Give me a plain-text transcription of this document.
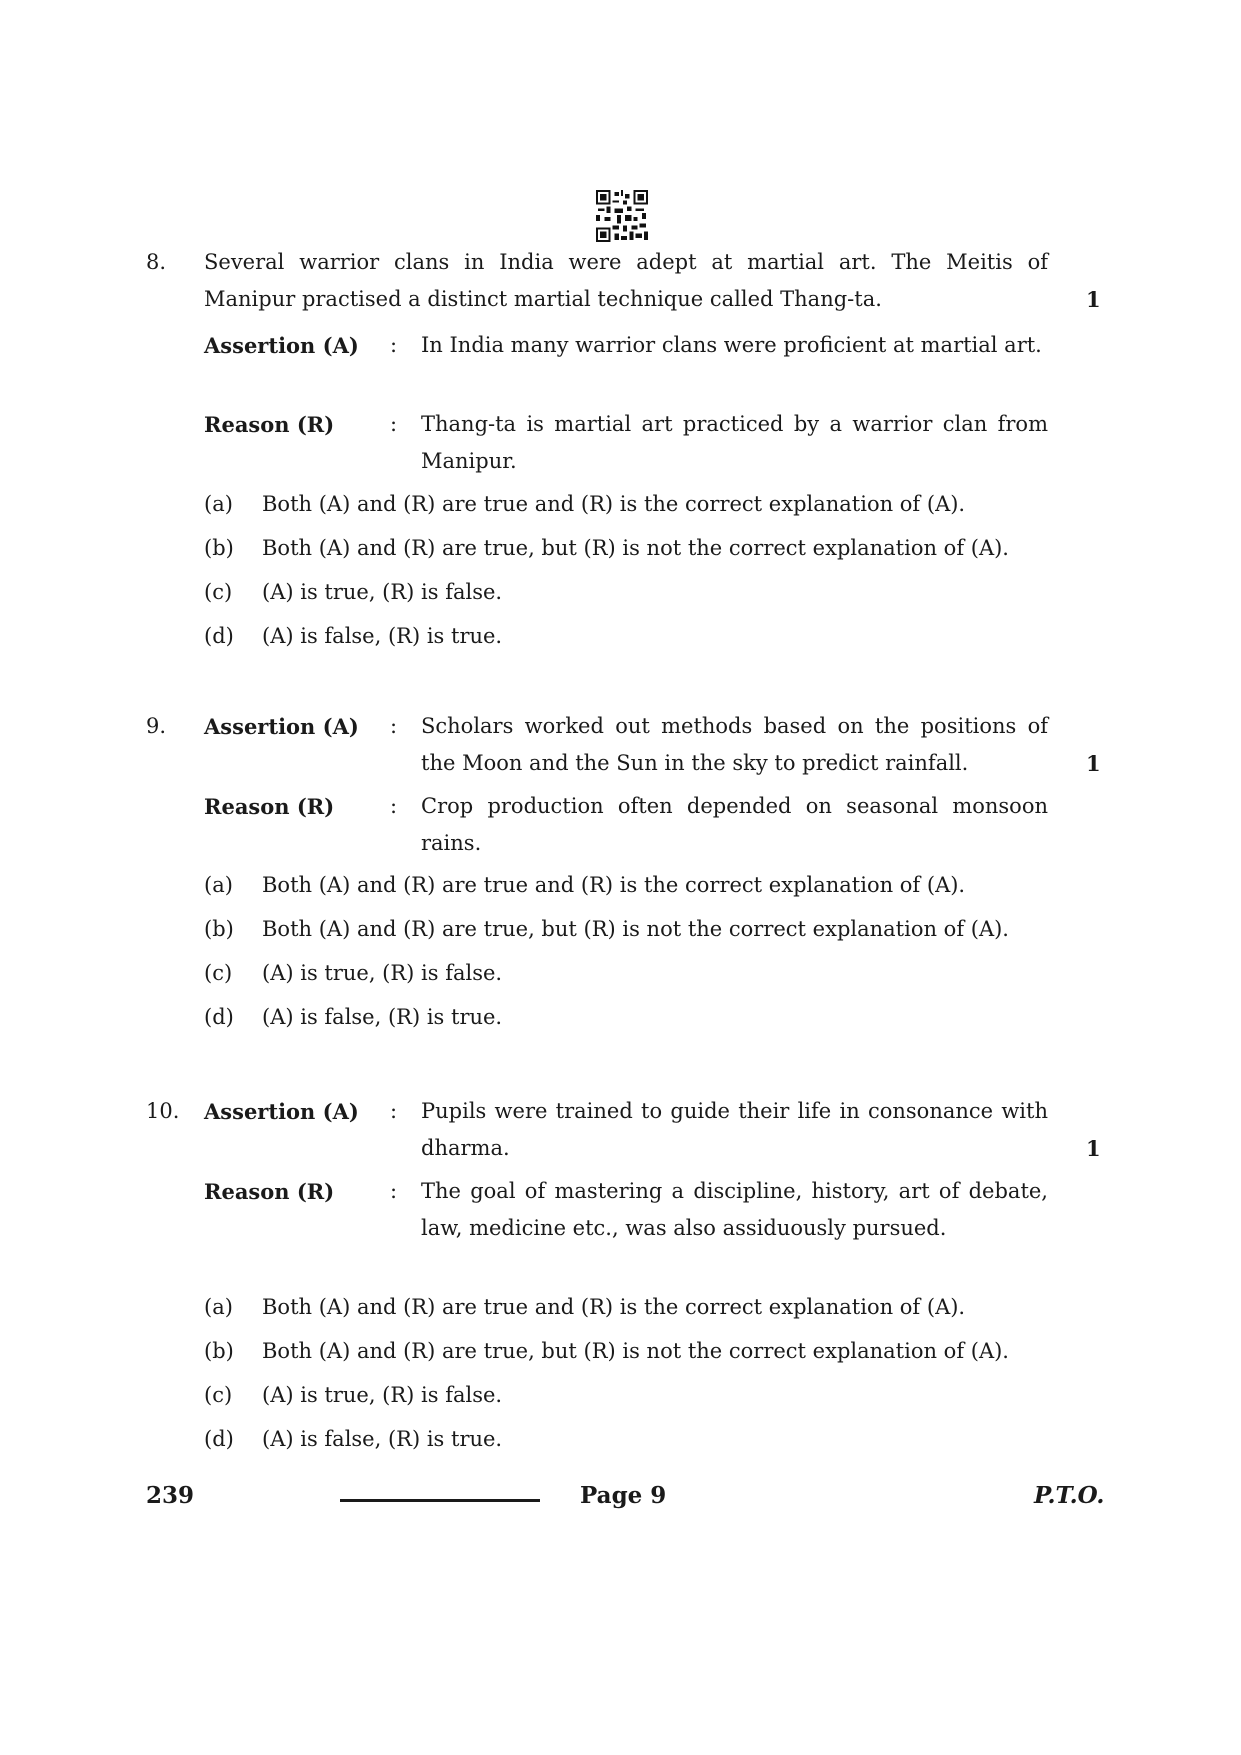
8. Several warrior clans in India were adept at martial art. The Meitis of Manipur practised a distinct martial technique called Thang-ta.	1
Assertion (A) : In India many warrior clans were proficient at martial art.
Reason (R)	: Thang-ta is martial art practiced by a warrior clan from Manipur.
(a) Both (A) and (R) are true and (R) is the correct explanation of (A).
(b) Both (A) and (R) are true, but (R) is not the correct explanation of (A).
(c) (A) is true, (R) is false.
(d) (A) is false, (R) is true.
9. Assertion (A) : Scholars worked out methods based on the positions of the Moon and the Sun in the sky to predict rainfall.	1
Reason (R)	: Crop production often depended on seasonal monsoon rains.
(a) Both (A) and (R) are true and (R) is the correct explanation of (A).
(b) Both (A) and (R) are true, but (R) is not the correct explanation of (A).
(c) (A) is true, (R) is false.
(d) (A) is false, (R) is true.
10. Assertion (A) : Pupils were trained to guide their life in consonance with dharma.	1
Reason (R)	: The goal of mastering a discipline, history, art of debate, law, medicine etc., was also assiduously pursued.
(a) Both (A) and (R) are true and (R) is the correct explanation of (A).
(b) Both (A) and (R) are true, but (R) is not the correct explanation of (A).
(c) (A) is true, (R) is false.
(d) (A) is false, (R) is true.
239	Page 9	P.T.O.
